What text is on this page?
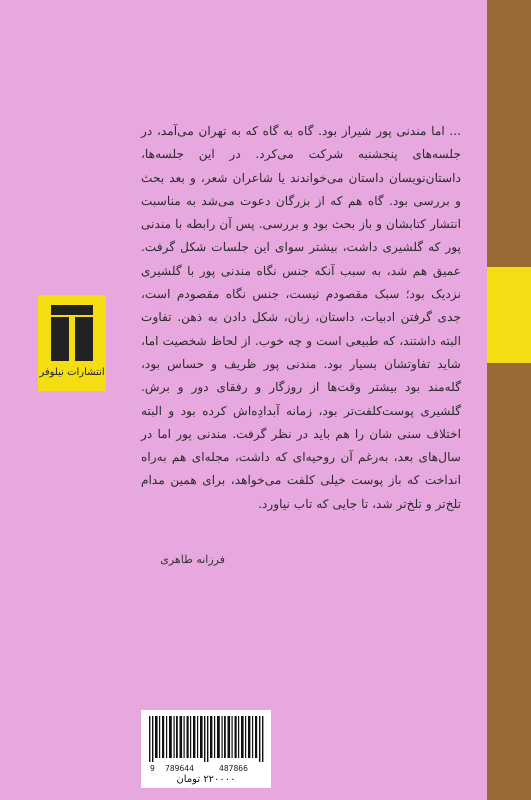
انتشارات نیلوفر
... اما مندنی پور شیراز بود. گاه به گاه که به تهران می‌آمد، در جلسه‌های پنجشنبه شرکت می‌کرد. در این جلسه‌ها، داستان‌نویسان داستان می‌خواندند یا شاعران شعر، و بعد بحث و بررسی بود. گاه هم که از بزرگان دعوت می‌شد به مناسبت انتشار کتابشان و باز بحث بود و بررسی. پس آن رابطه با مندنی پور که گلشیری داشت، بیشتر سوای این جلسات شکل گرفت. عمیق هم شد، به سبب آنکه جنس نگاه مندنی پور با گلشیری نزدیک بود؛ سبک مقصودم نیست، جنس نگاه مقصودم است، جدی گرفتن ادبیات، داستان، زبان، شکل دادن به ذهن. تفاوت البته داشتند، که طبیعی است و چه خوب. از لحاظ شخصیت اما، شاید تفاوتشان بسیار بود. مندنی پور ظریف و حساس بود، گله‌مند بود بیشتر وقت‌ها از روزگار و رفقای دور و برش. گلشیری پوست‌کلفت‌تر بود، زمانه آبدادِه‌اش کرده بود و البته اختلاف سنی شان را هم باید در نظر گرفت. مندنی پور اما در سال‌های بعد، به‌رغم آن روحیه‌ای که داشت، مجله‌ای هم به‌راه انداخت که باز پوست خیلی کلفت می‌خواهد، برای همین مدام تلخ‌تر و تلخ‌تر شد، تا جایی که تاب نیاورد.
فرزانه طاهری
9 789644	487866
۲۲۰۰۰۰ تومان
